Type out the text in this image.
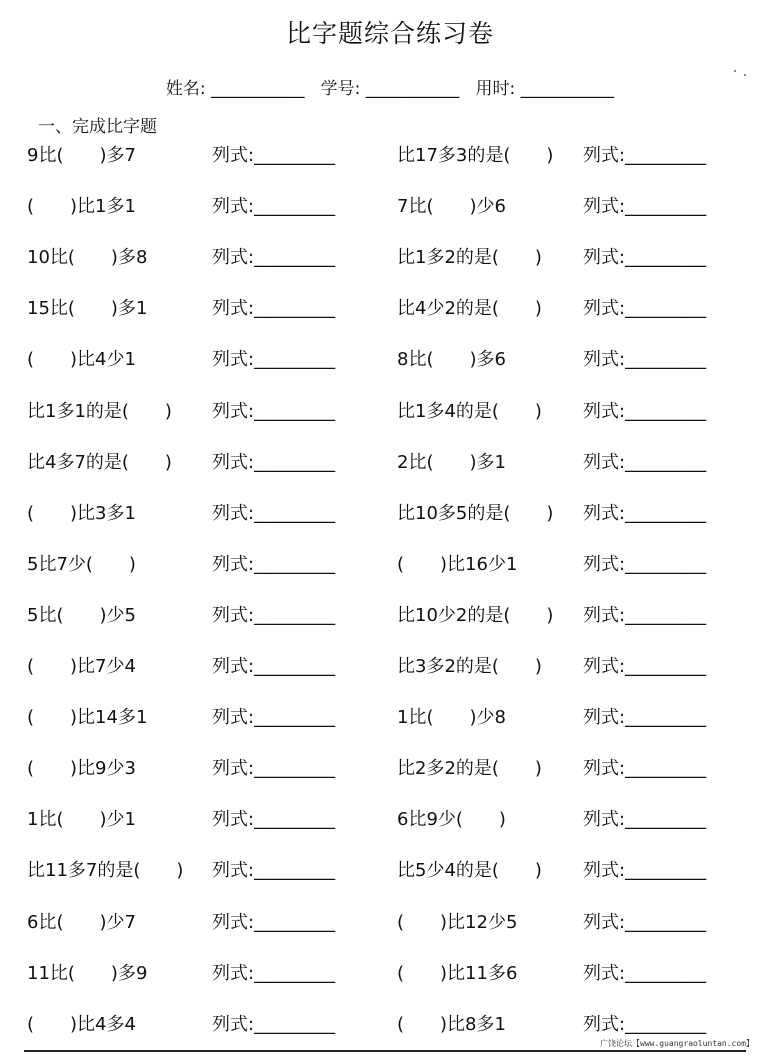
比字题综合练习卷
姓名: ___________   学号: ___________   用时: ___________
一、完成比字题
9比(　　)多7	列式:_________	比17多3的是(　　) 列式:_________
(　　)比1多1	列式:_________	7比(　　)少6	列式:_________
10比(　　)多8	列式:_________	比1多2的是(　　) 列式:_________
15比(　　)多1	列式:_________	比4少2的是(　　) 列式:_________
(　　)比4少1	列式:_________	8比(　　)多6	列式:_________
比1多1的是(　　) 列式:_________	比1多4的是(　　) 列式:_________
比4多7的是(　　) 列式:_________	2比(　　)多1	列式:_________
(　　)比3多1	列式:_________	比10多5的是(　　) 列式:_________
5比7少(　　)	列式:_________	(　　)比16少1	列式:_________
5比(　　)少5	列式:_________	比10少2的是(　　) 列式:_________
(　　)比7少4	列式:_________	比3多2的是(　　) 列式:_________
(　　)比14多1	列式:_________	1比(　　)少8	列式:_________
(　　)比9少3	列式:_________	比2多2的是(　　) 列式:_________
1比(　　)少1	列式:_________	6比9少(　　)	列式:_________
比11多7的是(　　) 列式:_________	比5少4的是(　　) 列式:_________
6比(　　)少7	列式:_________	(　　)比12少5	列式:_________
11比(　　)多9	列式:_________	(　　)比11多6	列式:_________
(　　)比4多4	列式:_________	(　　)比8多1	列式:_________
广饶论坛【www.guangraoluntan.com】
